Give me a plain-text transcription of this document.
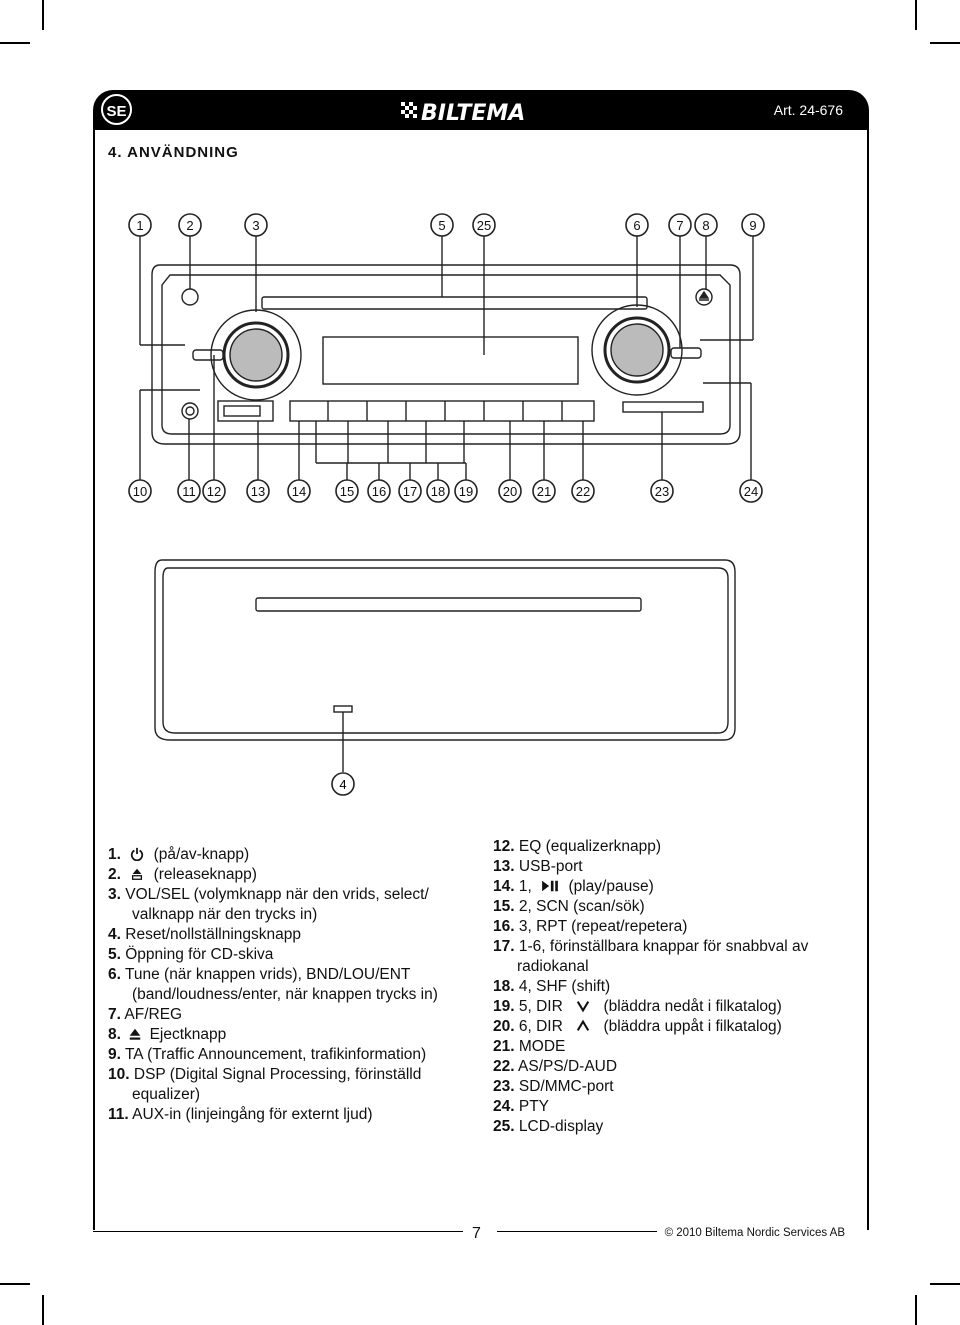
SE	BILTEMA	Art. 24-676
4. ANVÄNDNING
1	2	3	5 25	6	7 8	9
10	11 12 13 14	15 16 17 18 19 20 21 22	23	24
4
1. (på/av-knapp)
2. (releaseknapp)
3. VOL/SEL (volymknapp när den vrids, select/
valknapp när den trycks in)
4. Reset/nollställningsknapp
5. Öppning för CD-skiva
6. Tune (när knappen vrids), BND/LOU/ENT
(band/loudness/enter, när knappen trycks in)
7. AF/REG
8. Ejectknapp
9. TA (Traffic Announcement, trafikinformation)
10. DSP (Digital Signal Processing, förinställd
equalizer)
11. AUX-in (linjeingång för externt ljud)
12. EQ (equalizerknapp)
13. USB-port
14. 1, (play/pause)
15. 2, SCN (scan/sök)
16. 3, RPT (repeat/repetera)
17. 1-6, förinställbara knappar för snabbval av
radiokanal
18. 4, SHF (shift)
19. 5, DIR	(bläddra nedåt i filkatalog)
20. 6, DIR	(bläddra uppåt i filkatalog)
21. MODE
22. AS/PS/D-AUD
23. SD/MMC-port
24. PTY
25. LCD-display
7	© 2010 Biltema Nordic Services AB
